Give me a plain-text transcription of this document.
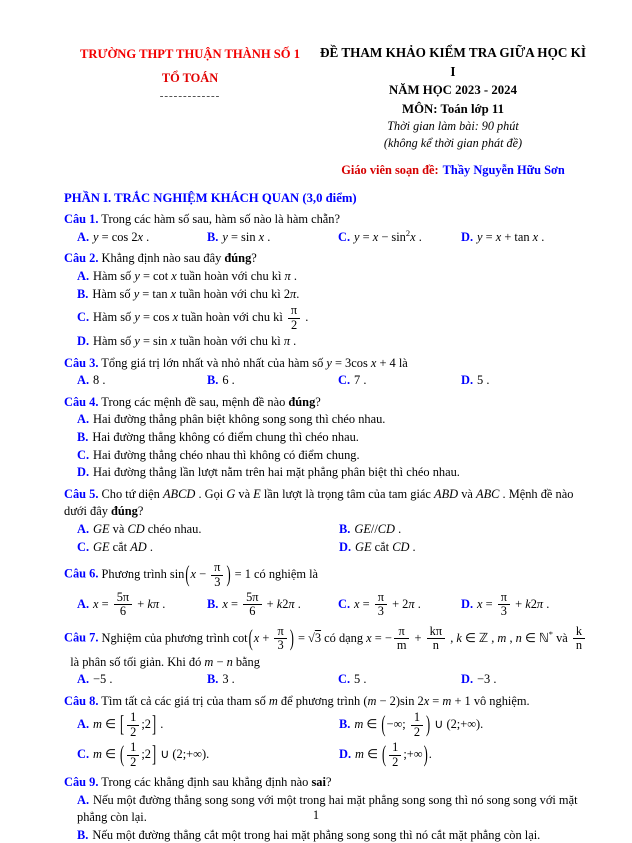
TRƯỜNG THPT THUẬN THÀNH SỐ 1
TỔ TOÁN
-------------
ĐỀ THAM KHẢO KIỂM TRA GIỮA HỌC KÌ I
NĂM HỌC 2023 - 2024
MÔN: Toán lớp 11
Thời gian làm bài: 90 phút
(không kể thời gian phát đề)
Giáo viên soạn đề: Thầy Nguyễn Hữu Sơn
PHẦN I. TRẮC NGHIỆM KHÁCH QUAN (3,0 điểm)
Câu 1. Trong các hàm số sau, hàm số nào là hàm chẵn?
A. y = cos 2x .	B. y = sin x .	C. $y = x - \sin^2x$ .	D. y = x + tan x .
Câu 2. Khẳng định nào sau đây đúng?
A. Hàm số y = cot x tuần hoàn với chu kì π .
B. Hàm số y = tan x tuần hoàn với chu kì 2π.
C. Hàm số y = cos x tuần hoàn với chu kì $\frac{\pi}{2}$ .
D. Hàm số y = sin x tuần hoàn với chu kì π .
Câu 3. Tổng giá trị lớn nhất và nhỏ nhất của hàm số y = 3cos x + 4 là
A. 8 .	B. 6 .	C. 7 .	D. 5 .
Câu 4. Trong các mệnh đề sau, mệnh đề nào đúng?
A. Hai đường thẳng phân biệt không song song thì chéo nhau.
B. Hai đường thẳng không có điểm chung thì chéo nhau.
C. Hai đường thẳng chéo nhau thì không có điểm chung.
D. Hai đường thẳng lần lượt nằm trên hai mặt phẳng phân biệt thì chéo nhau.
Câu 5. Cho tứ diện ABCD . Gọi G và E lần lượt là trọng tâm của tam giác ABD và ABC . Mệnh đề nào dưới đây đúng?
A. GE và CD chéo nhau.	B. GE//CD .
C. GE cắt AD .	D. GE cắt CD .
Câu 6. Phương trình $\sin(x - \frac{\pi}{3}$ ) = 1 có nghiệm là
A. $x = \frac{5\pi}{6} + k\pi$ .	B. $x = \frac{5\pi}{6} + k2\pi$ .	C. $x = \frac{\pi}{3} + 2\pi$ .	D. $x = \frac{\pi}{3} + k2\pi$ .
Câu 7. Nghiệm của phương trình $\cot(x + \frac{\pi}{3}$ ) = √3 có dạng x = − $\frac{\pi}{m} + \frac{k\pi}{n}$ , k ∈ ℤ , m , n ∈ ℕ* và $\frac{k}{n}$

 là phân số tối giản. Khi đó m − n bằng
A. −5 .	B. 3 .	C. 5 .	D. −3 .
Câu 8. Tìm tất cả các giá trị của tham số m để phương trình (m − 2)sin 2x = m + 1 vô nghiệm.
A. m ∈ [ $\frac{1}{2}$ ;2] .	B. m ∈ (−∞; $\frac{1}{2}$ ) ∪ (2;+∞).
C. m ∈ ( $\frac{1}{2}$ ;2] ∪ (2;+∞).	D. m ∈ ( $\frac{1}{2}$ ;+∞).
Câu 9. Trong các khẳng định sau khẳng định nào sai?
A. Nếu một đường thẳng song song với một trong hai mặt phẳng song song thì nó song song với mặt phẳng còn lại.
B. Nếu một đường thẳng cắt một trong hai mặt phẳng song song thì nó cắt mặt phẳng còn lại.
1
